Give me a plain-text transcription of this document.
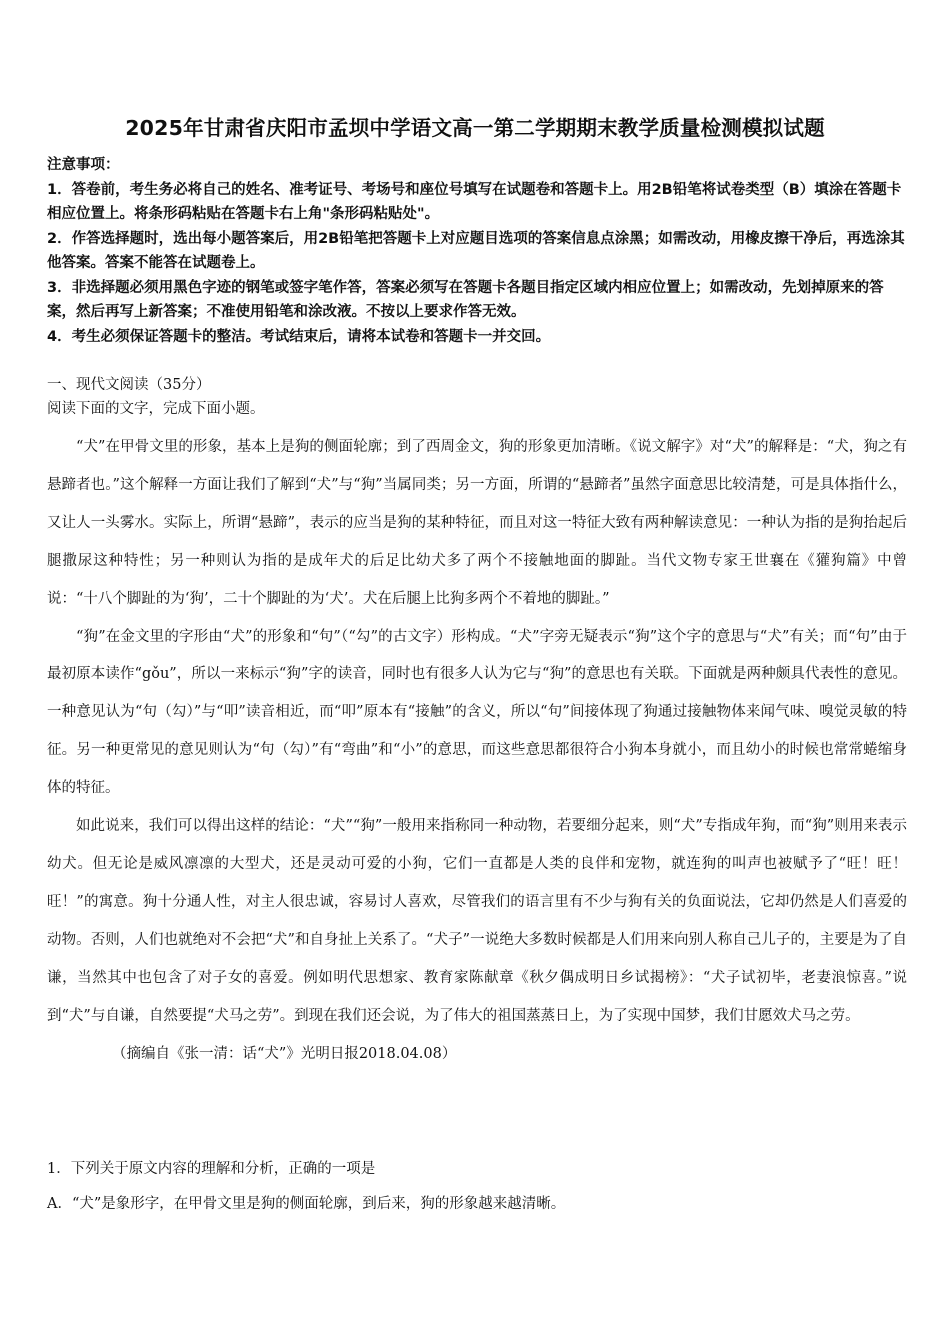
2025年甘肃省庆阳市孟坝中学语文高一第二学期期末教学质量检测模拟试题

注意事项：

1．答卷前，考生务必将自己的姓名、准考证号、考场号和座位号填写在试题卷和答题卡上。用2B铅笔将试卷类型（B）填涂在答题卡相应位置上。将条形码粘贴在答题卡右上角"条形码粘贴处"。

2．作答选择题时，选出每小题答案后，用2B铅笔把答题卡上对应题目选项的答案信息点涂黑；如需改动，用橡皮擦干净后，再选涂其他答案。答案不能答在试题卷上。

3．非选择题必须用黑色字迹的钢笔或签字笔作答，答案必须写在答题卡各题目指定区域内相应位置上；如需改动，先划掉原来的答案，然后再写上新答案；不准使用铅笔和涂改液。不按以上要求作答无效。

4．考生必须保证答题卡的整洁。考试结束后，请将本试卷和答题卡一并交回。

一、现代文阅读（35分）

阅读下面的文字，完成下面小题。

“犬”在甲骨文里的形象，基本上是狗的侧面轮廓；到了西周金文，狗的形象更加清晰。《说文解字》对“犬”的解释是：“犬，狗之有悬蹄者也。”这个解释一方面让我们了解到“犬”与“狗”当属同类；另一方面，所谓的“悬蹄者”虽然字面意思比较清楚，可是具体指什么，又让人一头雾水。实际上，所谓“悬蹄”，表示的应当是狗的某种特征，而且对这一特征大致有两种解读意见：一种认为指的是狗抬起后腿撒尿这种特性；另一种则认为指的是成年犬的后足比幼犬多了两个不接触地面的脚趾。当代文物专家王世襄在《獾狗篇》中曾说：“十八个脚趾的为‘狗’，二十个脚趾的为‘犬’。犬在后腿上比狗多两个不着地的脚趾。”

“狗”在金文里的字形由“犬”的形象和“句”（“勾”的古文字）形构成。“犬”字旁无疑表示“狗”这个字的意思与“犬”有关；而“句”由于最初原本读作“gǒu”，所以一来标示“狗”字的读音，同时也有很多人认为它与“狗”的意思也有关联。下面就是两种颇具代表性的意见。一种意见认为“句（勾）”与“叩”读音相近，而“叩”原本有“接触”的含义，所以“句”间接体现了狗通过接触物体来闻气味、嗅觉灵敏的特征。另一种更常见的意见则认为“句（勾）”有“弯曲”和“小”的意思，而这些意思都很符合小狗本身就小，而且幼小的时候也常常蜷缩身体的特征。

如此说来，我们可以得出这样的结论：“犬”“狗”一般用来指称同一种动物，若要细分起来，则“犬”专指成年狗，而“狗”则用来表示幼犬。但无论是威风凛凛的大型犬，还是灵动可爱的小狗，它们一直都是人类的良伴和宠物，就连狗的叫声也被赋予了“旺！旺！旺！”的寓意。狗十分通人性，对主人很忠诚，容易讨人喜欢，尽管我们的语言里有不少与狗有关的负面说法，它却仍然是人们喜爱的动物。否则，人们也就绝对不会把“犬”和自身扯上关系了。“犬子”一说绝大多数时候都是人们用来向别人称自己儿子的，主要是为了自谦，当然其中也包含了对子女的喜爱。例如明代思想家、教育家陈献章《秋夕偶成明日乡试揭榜》：“犬子试初毕，老妻浪惊喜。”说到“犬”与自谦，自然要提“犬马之劳”。到现在我们还会说，为了伟大的祖国蒸蒸日上，为了实现中国梦，我们甘愿效犬马之劳。

（摘编自《张一清：话“犬”》光明日报2018.04.08）

1．下列关于原文内容的理解和分析，正确的一项是

A．“犬”是象形字，在甲骨文里是狗的侧面轮廓，到后来，狗的形象越来越清晰。
